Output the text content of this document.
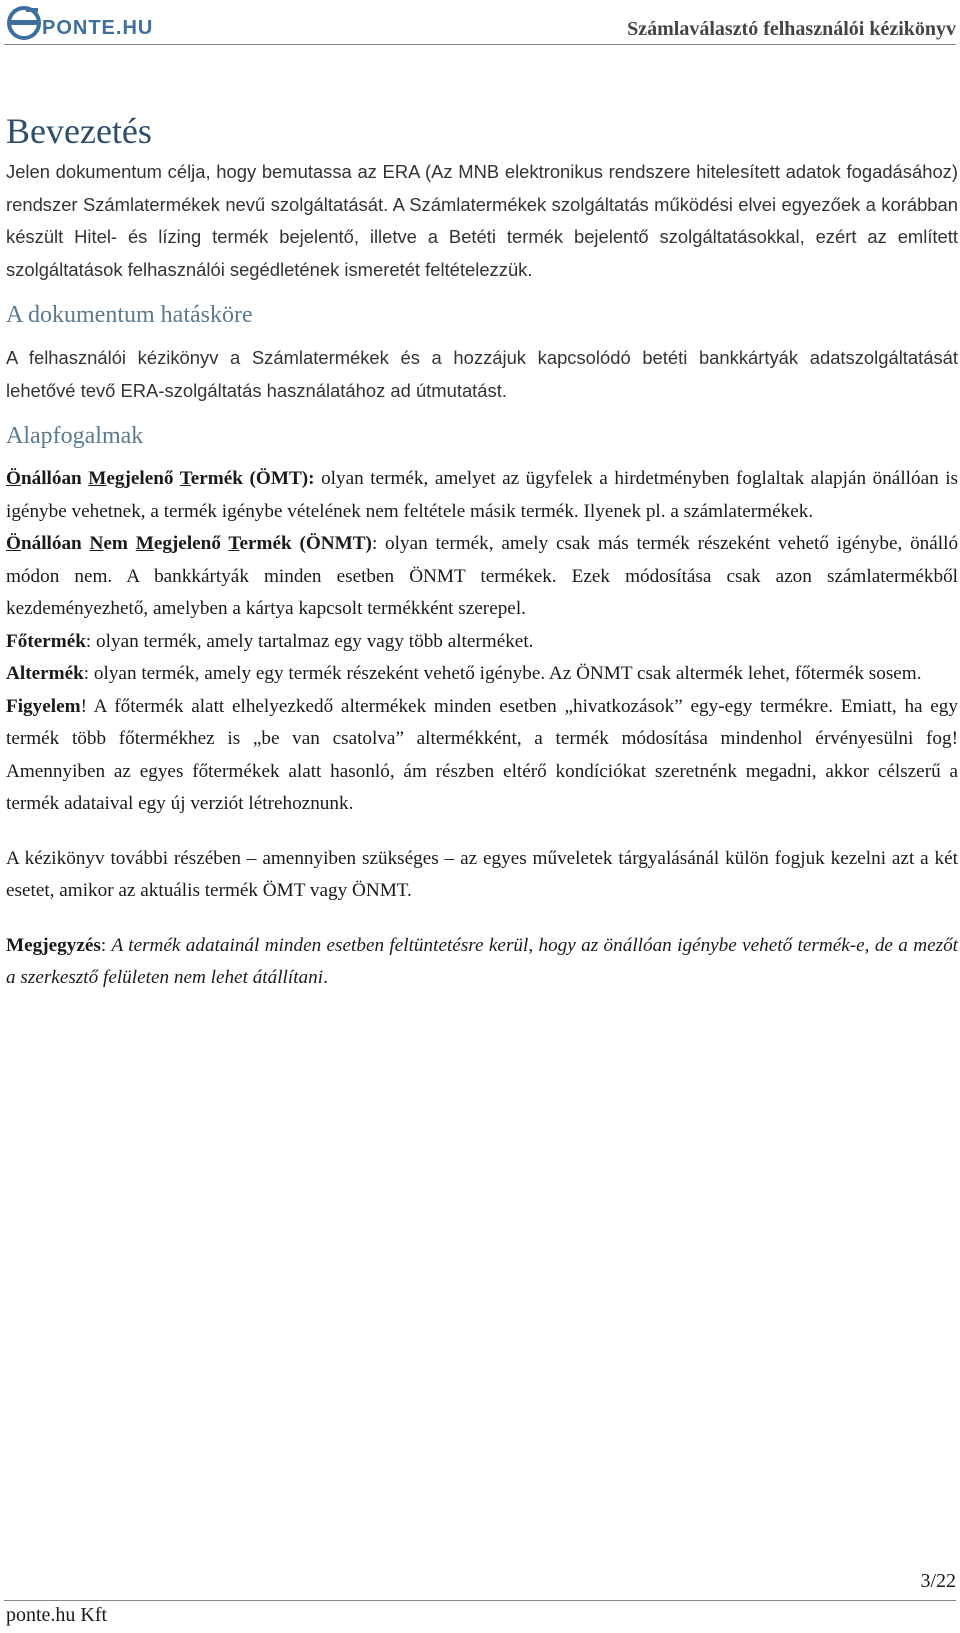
PONTE.HU	Számlaválasztó felhasználói kézikönyv
Bevezetés

Jelen dokumentum célja, hogy bemutassa az ERA (Az MNB elektronikus rendszere hitelesített adatok fogadásához) rendszer Számlatermékek nevű szolgáltatását. A Számlatermékek szolgáltatás működési elvei egyezőek a korábban készült Hitel- és lízing termék bejelentő, illetve a Betéti termék bejelentő szolgáltatásokkal, ezért az említett szolgáltatások felhasználói segédletének ismeretét feltételezzük.

A dokumentum hatásköre

A felhasználói kézikönyv a Számlatermékek és a hozzájuk kapcsolódó betéti bankkártyák adatszolgáltatását lehetővé tevő ERA-szolgáltatás használatához ad útmutatást.

Alapfogalmak

Önállóan Megjelenő Termék (ÖMT): olyan termék, amelyet az ügyfelek a hirdetményben foglaltak alapján önállóan is igénybe vehetnek, a termék igénybe vételének nem feltétele másik termék. Ilyenek pl. a számlatermékek.

Önállóan Nem Megjelenő Termék (ÖNMT): olyan termék, amely csak más termék részeként vehető igénybe, önálló módon nem. A bankkártyák minden esetben ÖNMT termékek. Ezek módosítása csak azon számlatermékből kezdeményezhető, amelyben a kártya kapcsolt termékként szerepel.

Főtermék: olyan termék, amely tartalmaz egy vagy több alterméket.

Altermék: olyan termék, amely egy termék részeként vehető igénybe. Az ÖNMT csak altermék lehet, főtermék sosem.

Figyelem! A főtermék alatt elhelyezkedő altermékek minden esetben „hivatkozások” egy-egy termékre. Emiatt, ha egy termék több főtermékhez is „be van csatolva” altermékként, a termék módosítása mindenhol érvényesülni fog! Amennyiben az egyes főtermékek alatt hasonló, ám részben eltérő kondíciókat szeretnénk megadni, akkor célszerű a termék adataival egy új verziót létrehoznunk.

A kézikönyv további részében – amennyiben szükséges – az egyes műveletek tárgyalásánál külön fogjuk kezelni azt a két esetet, amikor az aktuális termék ÖMT vagy ÖNMT.

Megjegyzés: A termék adatainál minden esetben feltüntetésre kerül, hogy az önállóan igénybe vehető termék-e, de a mezőt a szerkesztő felületen nem lehet átállítani.

3/22
ponte.hu Kft
